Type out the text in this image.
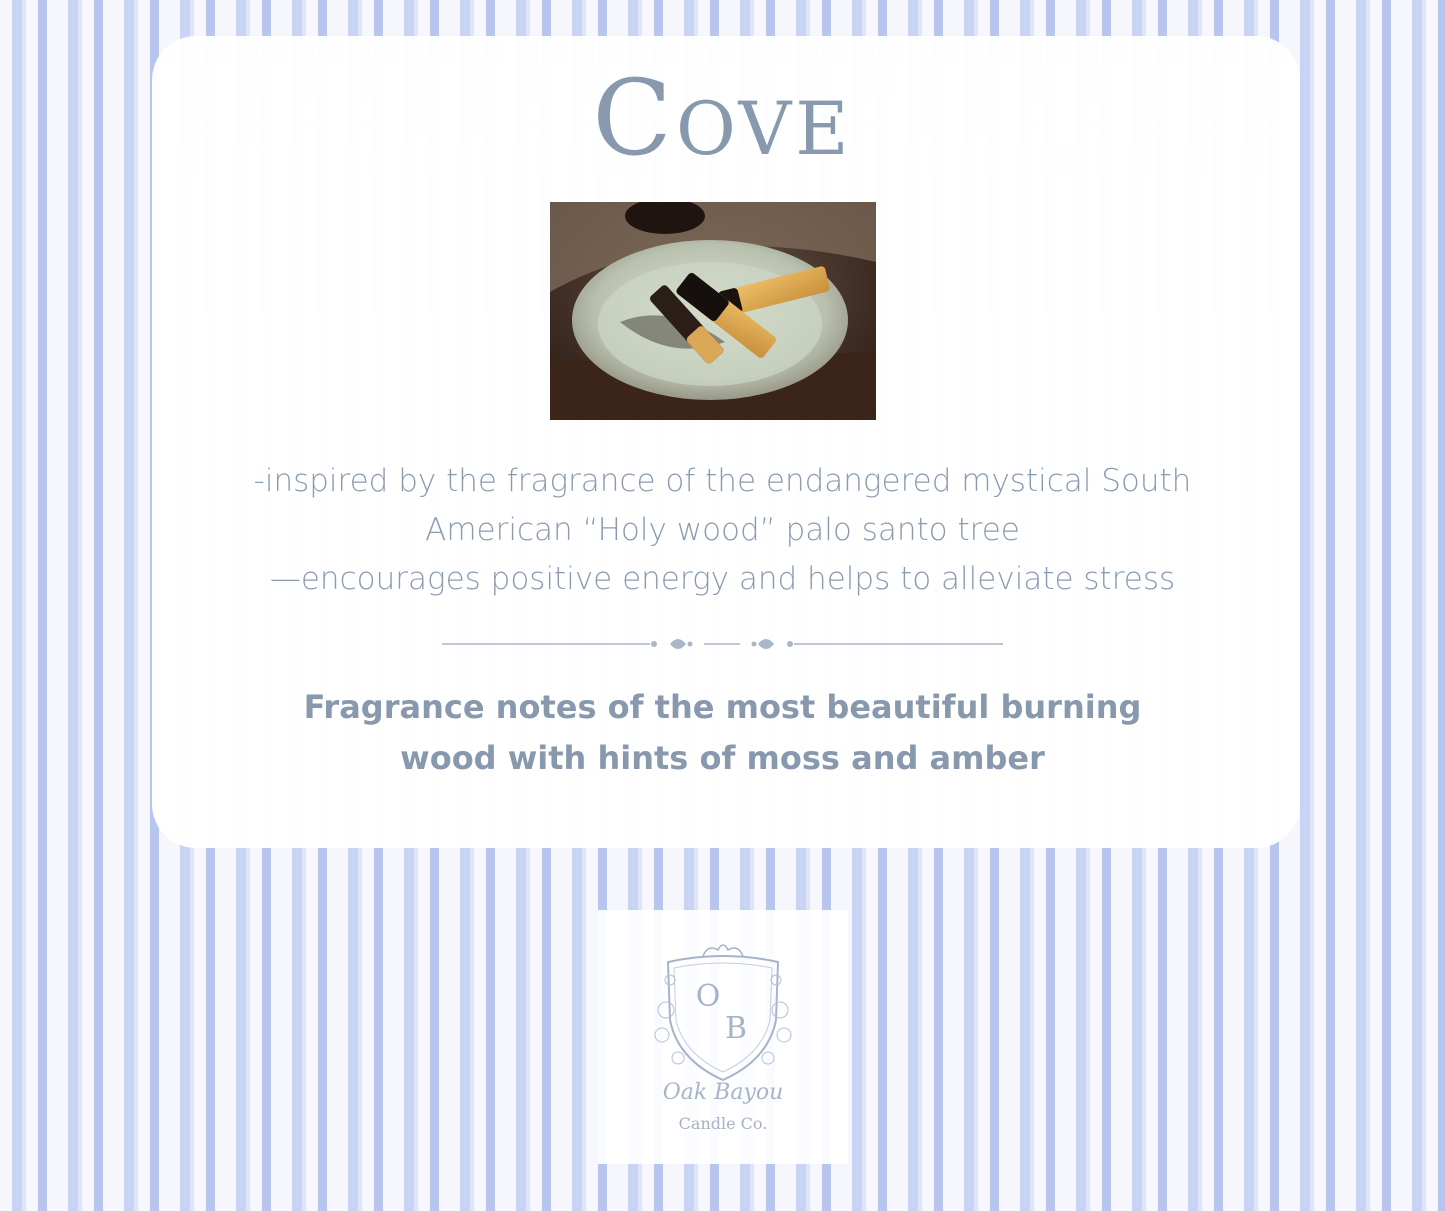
Cove
-inspired by the fragrance of the endangered mystical South
American “Holy wood” palo santo tree
—encourages positive energy and helps to alleviate stress
Fragrance notes of the most beautiful burning
wood with hints of moss and amber
O
B
Oak Bayou
Candle Co.
